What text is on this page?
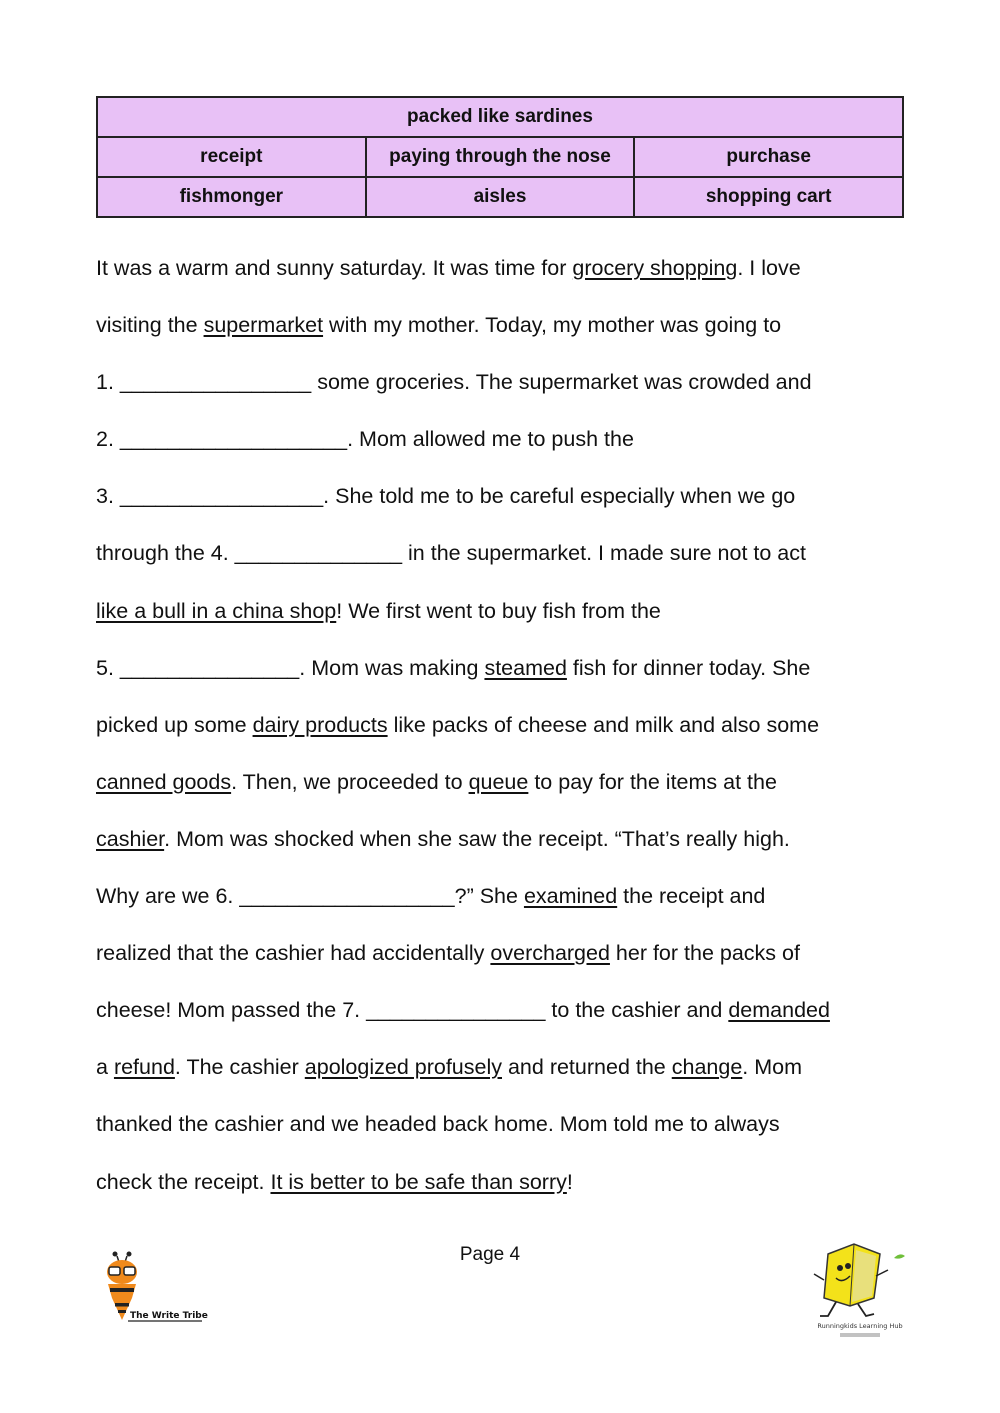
packed like sardines		
receipt	paying through the nose	purchase
fishmonger	aisles	shopping cart
It was a warm and sunny saturday. It was time for grocery shopping. I love
visiting the supermarket with my mother. Today, my mother was going to
1. ________________ some groceries. The supermarket was crowded and
2. ___________________. Mom allowed me to push the
3. _________________. She told me to be careful especially when we go
through the 4. ______________ in the supermarket. I made sure not to act
like a bull in a china shop! We first went to buy fish from the
5. _______________. Mom was making steamed fish for dinner today. She
picked up some dairy products like packs of cheese and milk and also some
canned goods. Then, we proceeded to queue to pay for the items at the
cashier. Mom was shocked when she saw the receipt. “That’s really high.
Why are we 6. __________________?” She examined the receipt and
realized that the cashier had accidentally overcharged her for the packs of
cheese! Mom passed the 7. _______________ to the cashier and demanded
a refund. The cashier apologized profusely and returned the change. Mom
thanked the cashier and we headed back home. Mom told me to always
check the receipt. It is better to be safe than sorry!
Page 4
The Write Tribe
Runningkids Learning Hub
